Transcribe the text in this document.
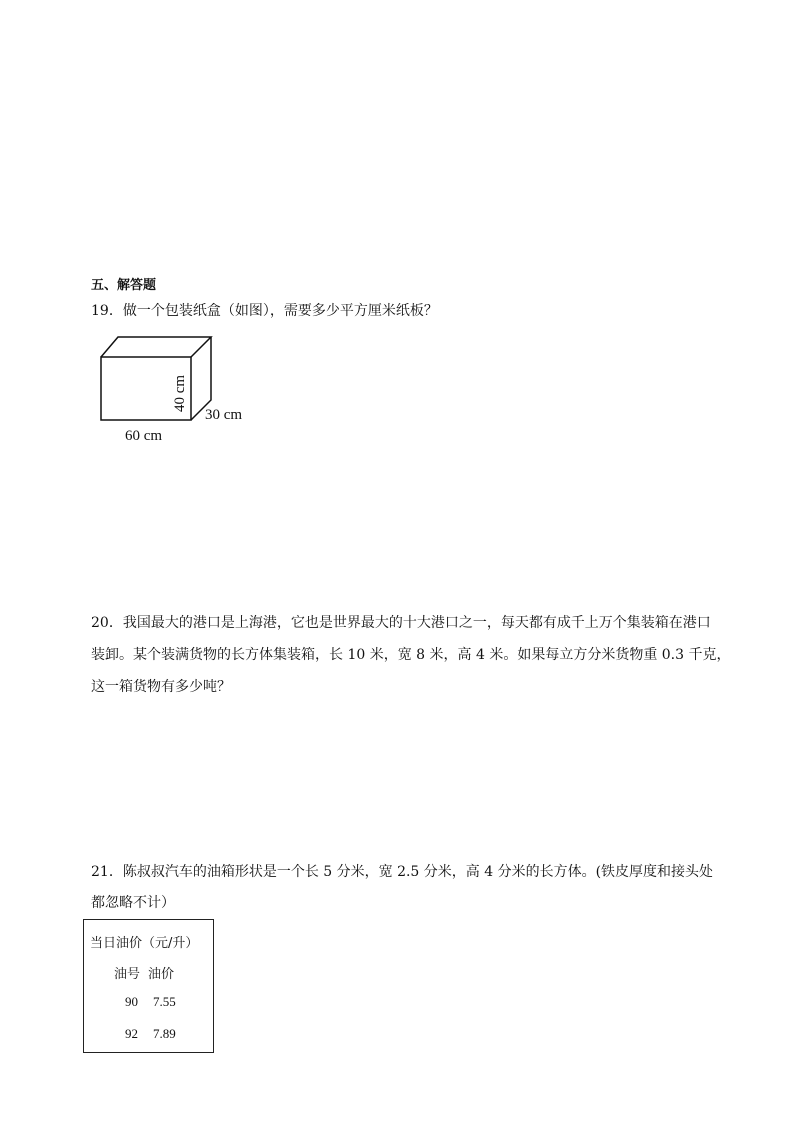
五、解答题
19．做一个包装纸盒（如图），需要多少平方厘米纸板？
40 cm
30 cm
60 cm
20．我国最大的港口是上海港，它也是世界最大的十大港口之一，每天都有成千上万个集装箱在港口
装卸。某个装满货物的长方体集装箱，长 10 米，宽 8 米，高 4 米。如果每立方分米货物重 0.3 千克，
这一箱货物有多少吨？
21．陈叔叔汽车的油箱形状是一个长 5 分米，宽 2.5 分米，高 4 分米的长方体。(铁皮厚度和接头处
都忽略不计）
当日油价（元/升）
油号 油价
90 7.55
92 7.89
